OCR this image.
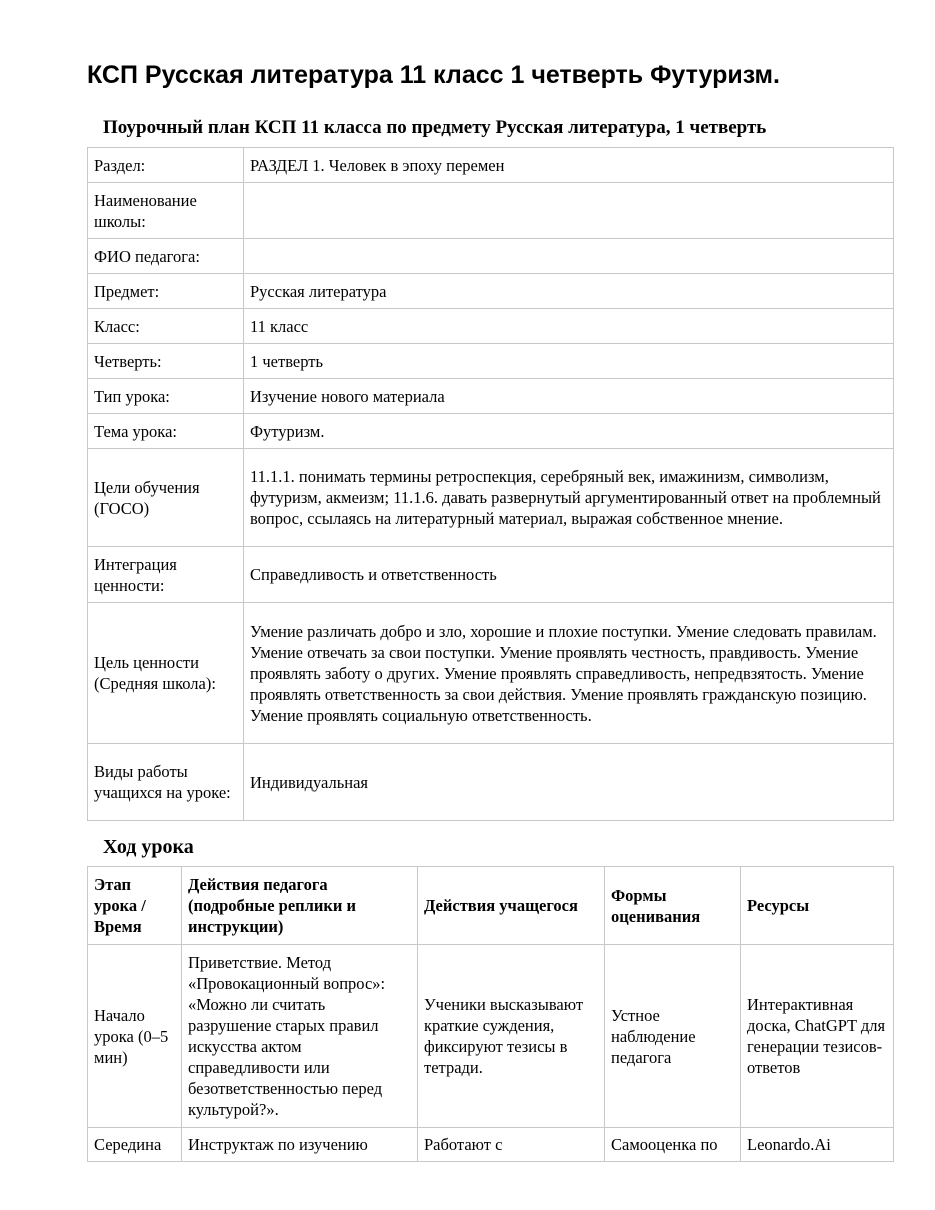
КСП Русская литература 11 класс 1 четверть Футуризм.
Поурочный план КСП 11 класса по предмету Русская литература, 1 четверть
Раздел:	РАЗДЕЛ 1. Человек в эпоху перемен
Наименование школы:	
ФИО педагога:	
Предмет:	Русская литература
Класс:	11 класс
Четверть:	1 четверть
Тип урока:	Изучение нового материала
Тема урока:	Футуризм.
Цели обучения (ГОСО)	11.1.1. понимать термины ретроспекция, серебряный век, имажинизм, символизм, футуризм, акмеизм; 11.1.6. давать развернутый аргументированный ответ на проблемный вопрос, ссылаясь на литературный материал, выражая собственное мнение.
Интеграция ценности:	Справедливость и ответственность
Цель ценности (Средняя школа):	Умение различать добро и зло, хорошие и плохие поступки. Умение следовать правилам. Умение отвечать за свои поступки. Умение проявлять честность, правдивость. Умение проявлять заботу о других. Умение проявлять справедливость, непредвзятость. Умение проявлять ответственность за свои действия. Умение проявлять гражданскую позицию. Умение проявлять социальную ответственность.
Виды работы учащихся на уроке:	Индивидуальная
Ход урока
Этап урока / Время	Действия педагога (подробные реплики и инструкции)	Действия учащегося	Формы оценивания	Ресурсы
Начало урока (0–5 мин)	Приветствие. Метод «Провокационный вопрос»: «Можно ли считать разрушение старых правил искусства актом справедливости или безответственностью перед культурой?».	Ученики высказывают краткие суждения, фиксируют тезисы в тетради.	Устное наблюдение педагога	Интерактивная доска, ChatGPT для генерации тезисов-ответов
Середина	Инструктаж по изучению	Работают с	Самооценка по	Leonardo.Ai
